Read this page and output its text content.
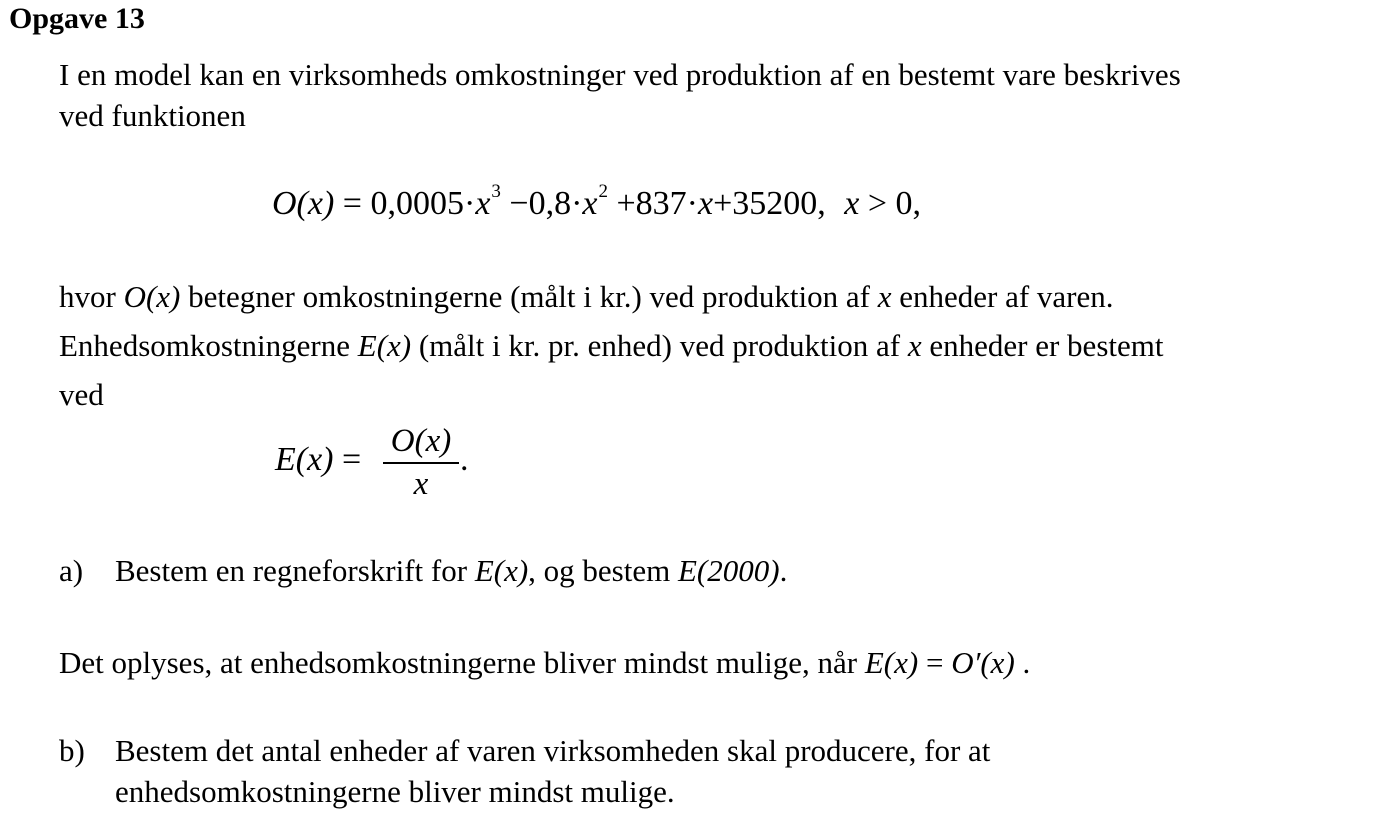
Opgave 13
I en model kan en virksomheds omkostninger ved produktion af en bestemt vare beskrives
ved funktionen
$O(x) = 0,0005\cdot x^3 -0,8\cdot x^2 +837\cdot x+35200$, x > 0,
hvor O(x) betegner omkostningerne (målt i kr.) ved produktion af x enheder af varen.
Enhedsomkostningerne E(x) (målt i kr. pr. enhed) ved produktion af x enheder er bestemt
ved
E(x) = O(x)
x
.
a) Bestem en regneforskrift for E(x), og bestem E(2000).
Det oplyses, at enhedsomkostningerne bliver mindst mulige, når E(x) = O′(x) .
b) Bestem det antal enheder af varen virksomheden skal producere, for at
enhedsomkostningerne bliver mindst mulige.
